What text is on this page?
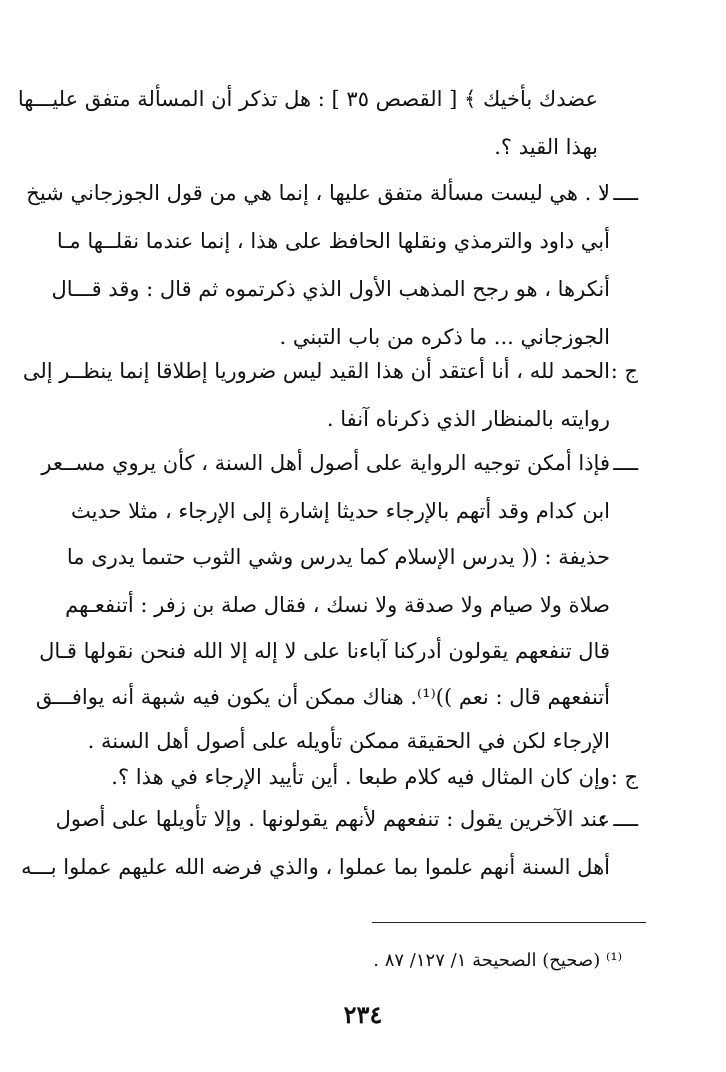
عضدك بأخيك ﴾ [ القصص ٣٥ ] : هل تذكر أن المسألة متفق عليـــها
بهذا القيد ؟.
ــــ :
لا . هي ليست مسألة متفق عليها ، إنما هي من قول الجوزجاني شيخ
أبي داود والترمذي ونقلها الحافظ على هذا ، إنما عندما نقلــها مـا
أنكرها ، هو رجح المذهب الأول الذي ذكرتموه ثم قال : وقد قـــال
الجوزجاني ... ما ذكره من باب التبني .
ج :
الحمد لله ، أنا أعتقد أن هذا القيد ليس ضروريا إطلاقا إنما ينظــر إلى
روايته بالمنظار الذي ذكرناه آنفا .
ــــ :
فإذا أمكن توجيه الرواية على أصول أهل السنة ، كأن يروي مســعر
ابن كدام وقد أتهم بالإرجاء حديثا إشارة إلى الإرجاء ، مثلا حديث
حذيفة : (( يدرس الإسلام كما يدرس وشي الثوب حتىما يدرى ما
صلاة ولا صيام ولا صدقة ولا نسك ، فقال صلة بن زفر : أتنفعـهم
قال تنفعهم يقولون أدركنا آباءنا على لا إله إلا الله فنحن نقولها قـال
أتنفعهم قال : نعم ))⁽¹⁾. هناك ممكن أن يكون فيه شبهة أنه يوافـــق
الإرجاء لكن في الحقيقة ممكن تأويله على أصول أهل السنة .
ج :
وإن كان المثال فيه كلام طبعا . أين تأييد الإرجاء في هذا ؟.
ــــ :
عند الآخرين يقول : تنفعهم لأنهم يقولونها . وإلا تأويلها على أصول
أهل السنة أنهم علموا بما عملوا ، والذي فرضه الله عليهم عملوا بـــه
⁽¹⁾ (صحيح) الصحيحة ١/ ١٢٧/ ٨٧ .
٢٣٤
